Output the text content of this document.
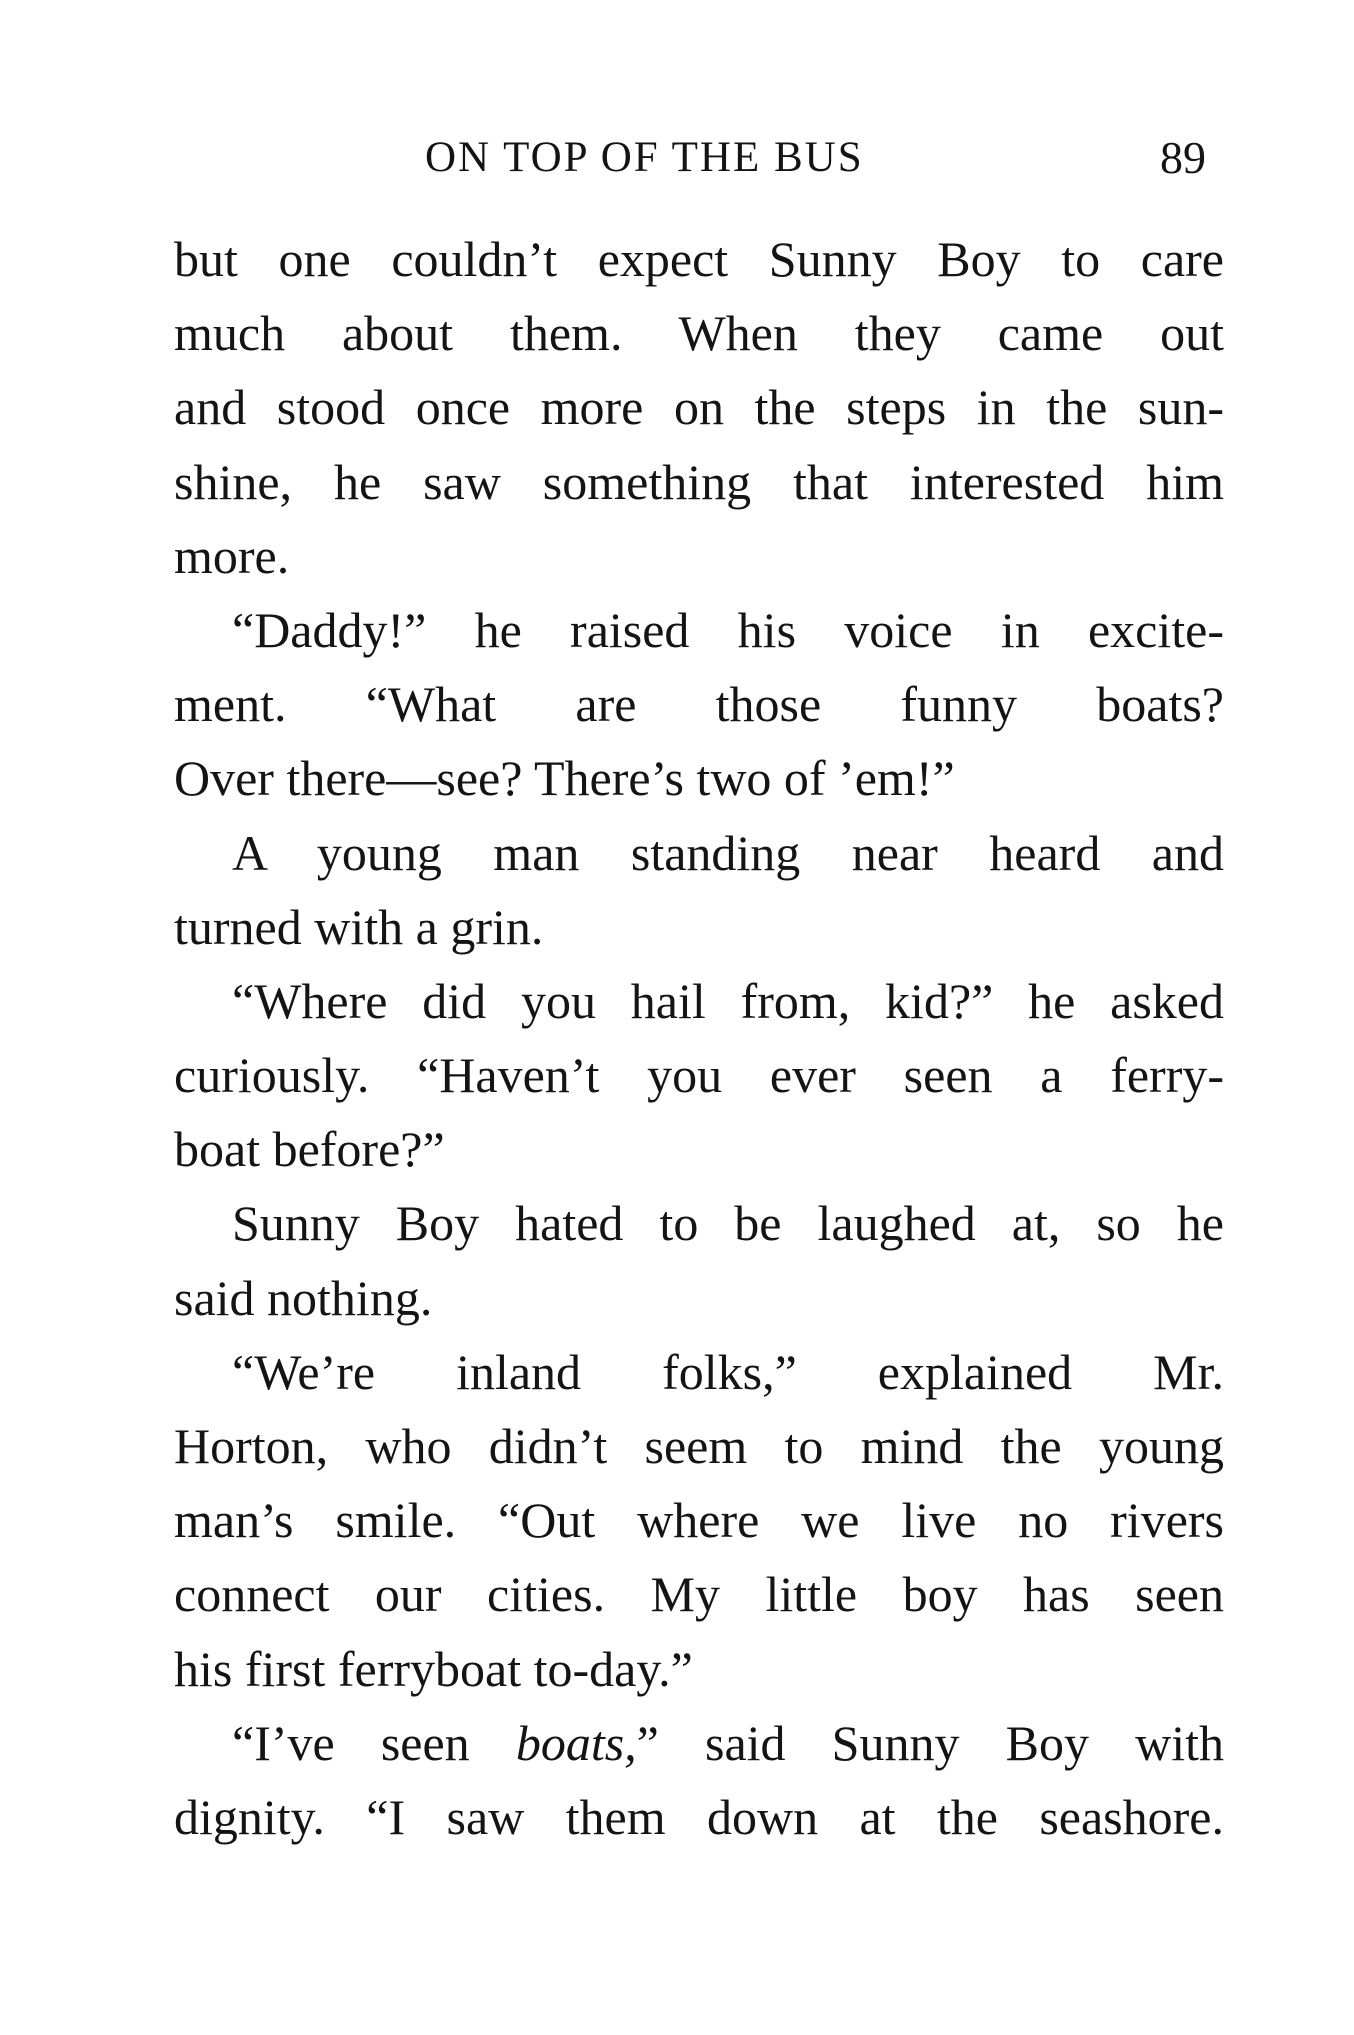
ON TOP OF THE BUS	89
but one couldn’t expect Sunny Boy to care
much about them. When they came out
and stood once more on the steps in the sun-
shine, he saw something that interested him
more.
“Daddy!” he raised his voice in excite-
ment. “What are those funny boats?
Over there—see? There’s two of ’em!”
A young man standing near heard and
turned with a grin.
“Where did you hail from, kid?” he asked
curiously. “Haven’t you ever seen a ferry-
boat before?”
Sunny Boy hated to be laughed at, so he
said nothing.
“We’re inland folks,” explained Mr.
Horton, who didn’t seem to mind the young
man’s smile. “Out where we live no rivers
connect our cities. My little boy has seen
his first ferryboat to-day.”
“I’ve seen boats,” said Sunny Boy with
dignity. “I saw them down at the seashore.
